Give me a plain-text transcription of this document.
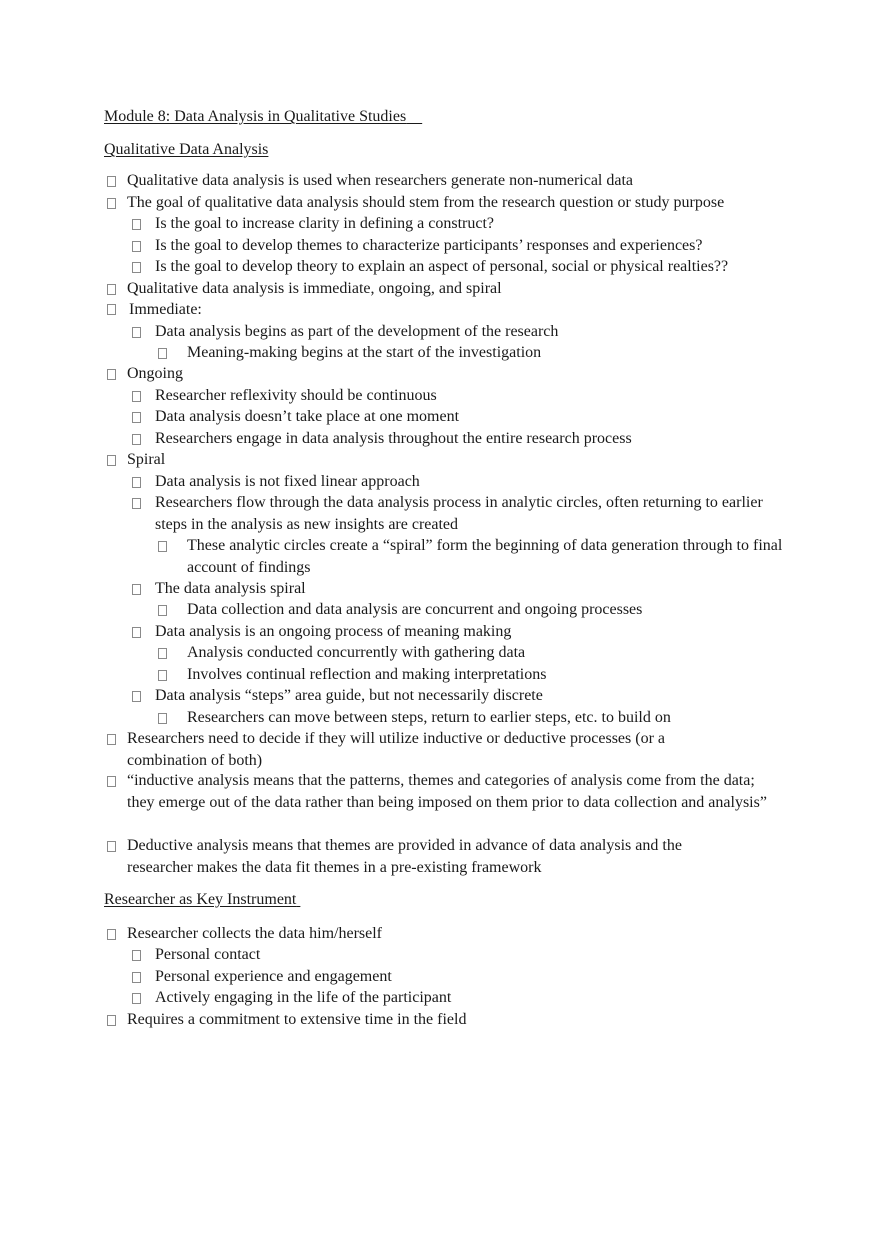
Module 8: Data Analysis in Qualitative Studies
Qualitative Data Analysis
Qualitative data analysis is used when researchers generate non-numerical data
The goal of qualitative data analysis should stem from the research question or study purpose
Is the goal to increase clarity in defining a construct?
Is the goal to develop themes to characterize participants’ responses and experiences?
Is the goal to develop theory to explain an aspect of personal, social or physical realties??
Qualitative data analysis is immediate, ongoing, and spiral
Immediate:
Data analysis begins as part of the development of the research
Meaning-making begins at the start of the investigation
Ongoing
Researcher reflexivity should be continuous
Data analysis doesn’t take place at one moment
Researchers engage in data analysis throughout the entire research process
Spiral
Data analysis is not fixed linear approach
Researchers flow through the data analysis process in analytic circles, often returning to earlier steps in the analysis as new insights are created
These analytic circles create a “spiral” form the beginning of data generation through to final account of findings
The data analysis spiral
Data collection and data analysis are concurrent and ongoing processes
Data analysis is an ongoing process of meaning making
Analysis conducted concurrently with gathering data
Involves continual reflection and making interpretations
Data analysis “steps” area guide, but not necessarily discrete
Researchers can move between steps, return to earlier steps, etc. to build on
Researchers need to decide if they will utilize inductive or deductive processes (or a combination of both)
“inductive analysis means that the patterns, themes and categories of analysis come from the data; they emerge out of the data rather than being imposed on them prior to data collection and analysis”
Deductive analysis means that themes are provided in advance of data analysis and the researcher makes the data fit themes in a pre-existing framework
Researcher as Key Instrument
Researcher collects the data him/herself
Personal contact
Personal experience and engagement
Actively engaging in the life of the participant
Requires a commitment to extensive time in the field
